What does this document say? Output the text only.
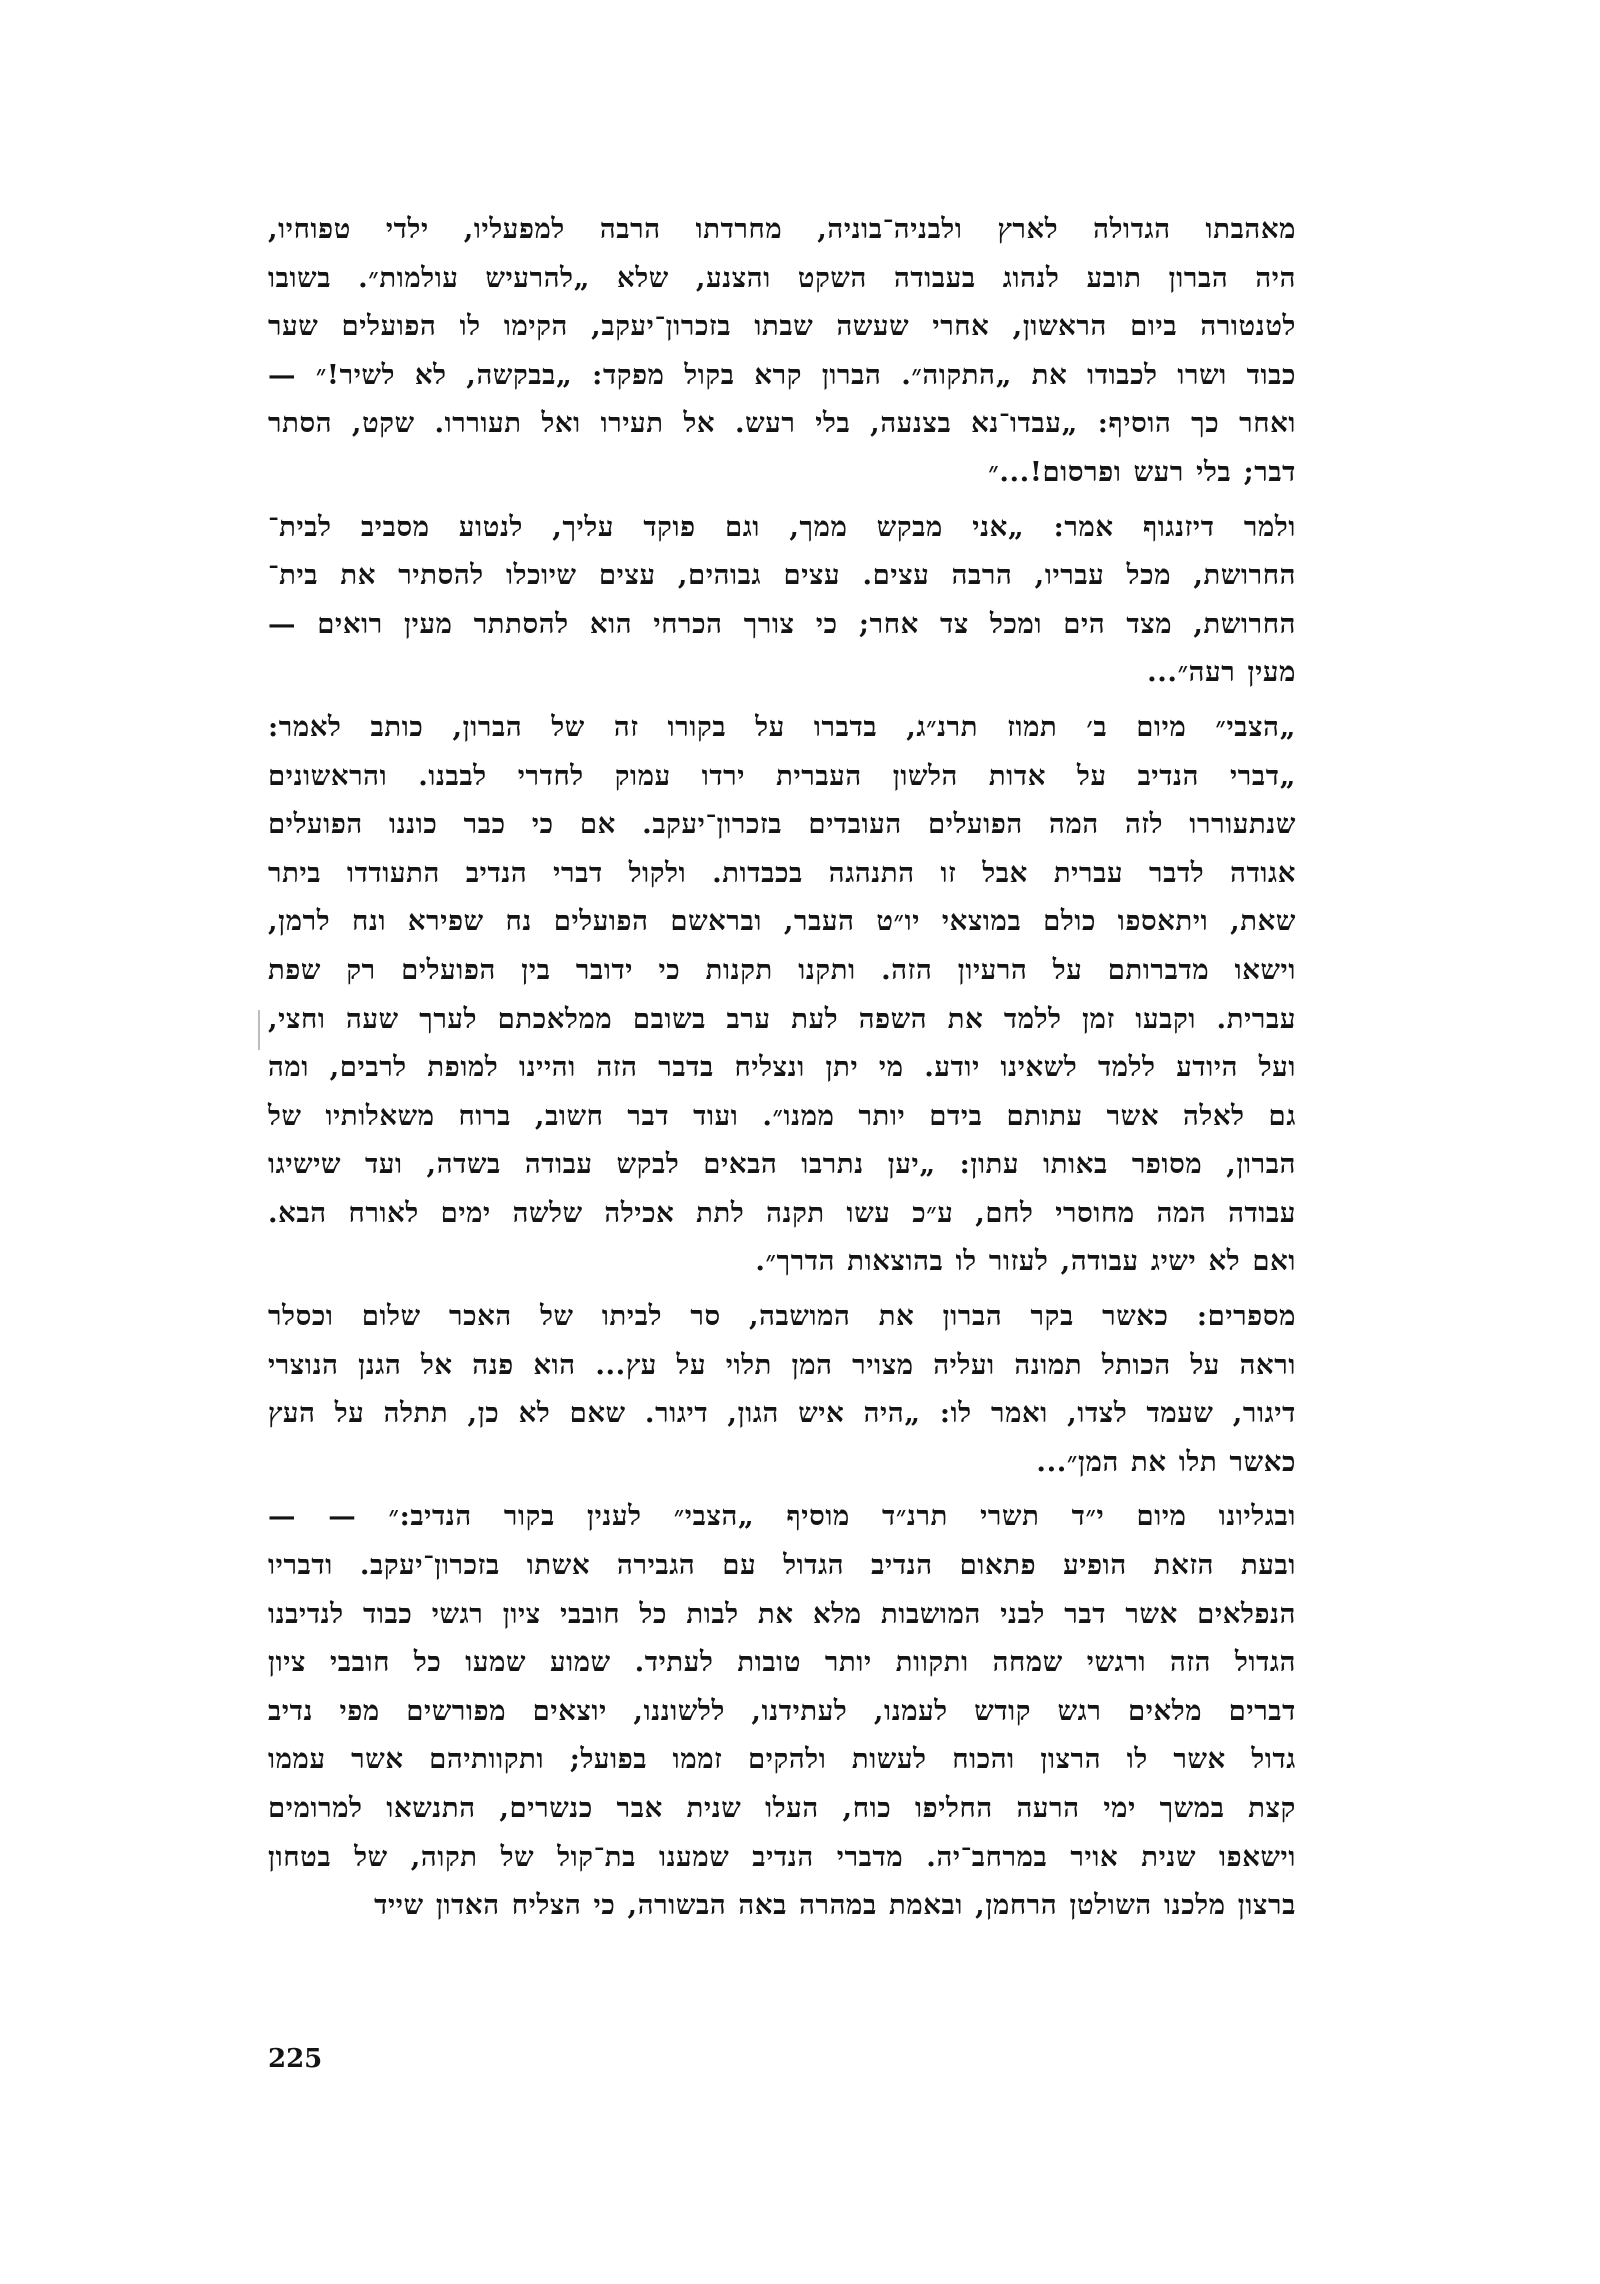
מאהבתו הגדולה לארץ ולבניה־בוניה, מחרדתו הרבה למפעליו, ילדי טפוחיו,
היה הברון תובע לנהוג בעבודה השקט והצנע, שלא „להרעיש עולמות״. בשובו
לטנטורה ביום הראשון, אחרי שעשה שבתו בזכרון־יעקב, הקימו לו הפועלים שער
כבוד ושרו לכבודו את „התקוה״. הברון קרא בקול מפקד: „בבקשה, לא לשיר!״ —
ואחר כך הוסיף: „עבדו־נא בצנעה, בלי רעש. אל תעירו ואל תעוררו. שקט, הסתר
דבר; בלי רעש ופרסום!...״
ולמר דיזנגוף אמר: „אני מבקש ממך, וגם פוקד עליך, לנטוע מסביב לבית־
החרושת, מכל עבריו, הרבה עצים. עצים גבוהים, עצים שיוכלו להסתיר את בית־
החרושת, מצד הים ומכל צד אחר; כי צורך הכרחי הוא להסתתר מעין רואים —
מעין רעה״...
„הצבי״ מיום ב׳ תמוז תרנ״ג, בדברו על בקורו זה של הברון, כותב לאמר:
„דברי הנדיב על אדות הלשון העברית ירדו עמוק לחדרי לבבנו. והראשונים
שנתעוררו לזה המה הפועלים העובדים בזכרון־יעקב. אם כי כבר כוננו הפועלים
אגודה לדבר עברית אבל זו התנהגה בכבדות. ולקול דברי הנדיב התעודדו ביתר
שאת, ויתאספו כולם במוצאי יו״ט העבר, ובראשם הפועלים נח שפירא ונח לרמן,
וישאו מדברותם על הרעיון הזה. ותקנו תקנות כי ידובר בין הפועלים רק שפת
עברית. וקבעו זמן ללמד את השפה לעת ערב בשובם ממלאכתם לערך שעה וחצי,
ועל היודע ללמד לשאינו יודע. מי יתן ונצליח בדבר הזה והיינו למופת לרבים, ומה
גם לאלה אשר עתותם בידם יותר ממנו״. ועוד דבר חשוב, ברוח משאלותיו של
הברון, מסופר באותו עתון: „יען נתרבו הבאים לבקש עבודה בשדה, ועד שישיגו
עבודה המה מחוסרי לחם, ע״כ עשו תקנה לתת אכילה שלשה ימים לאורח הבא.
ואם לא ישיג עבודה, לעזור לו בהוצאות הדרך״.
מספרים: כאשר בקר הברון את המושבה, סר לביתו של האכר שלום וכסלר
וראה על הכותל תמונה ועליה מצויר המן תלוי על עץ... הוא פנה אל הגנן הנוצרי
דיגור, שעמד לצדו, ואמר לו: „היה איש הגון, דיגור. שאם לא כן, תתלה על העץ
כאשר תלו את המן״...
ובגליונו מיום י״ד תשרי תרנ״ד מוסיף „הצבי״ לענין בקור הנדיב:״ — —
ובעת הזאת הופיע פתאום הנדיב הגדול עם הגבירה אשתו בזכרון־יעקב. ודבריו
הנפלאים אשר דבר לבני המושבות מלא את לבות כל חובבי ציון רגשי כבוד לנדיבנו
הגדול הזה ורגשי שמחה ותקוות יותר טובות לעתיד. שמוע שמעו כל חובבי ציון
דברים מלאים רגש קודש לעמנו, לעתידנו, ללשוננו, יוצאים מפורשים מפי נדיב
גדול אשר לו הרצון והכוח לעשות ולהקים זממו בפועל; ותקוותיהם אשר עממו
קצת במשך ימי הרעה החליפו כוח, העלו שנית אבר כנשרים, התנשאו למרומים
וישאפו שנית אויר במרחב־יה. מדברי הנדיב שמענו בת־קול של תקוה, של בטחון
ברצון מלכנו השולטן הרחמן, ובאמת במהרה באה הבשורה, כי הצליח האדון שייד
225
